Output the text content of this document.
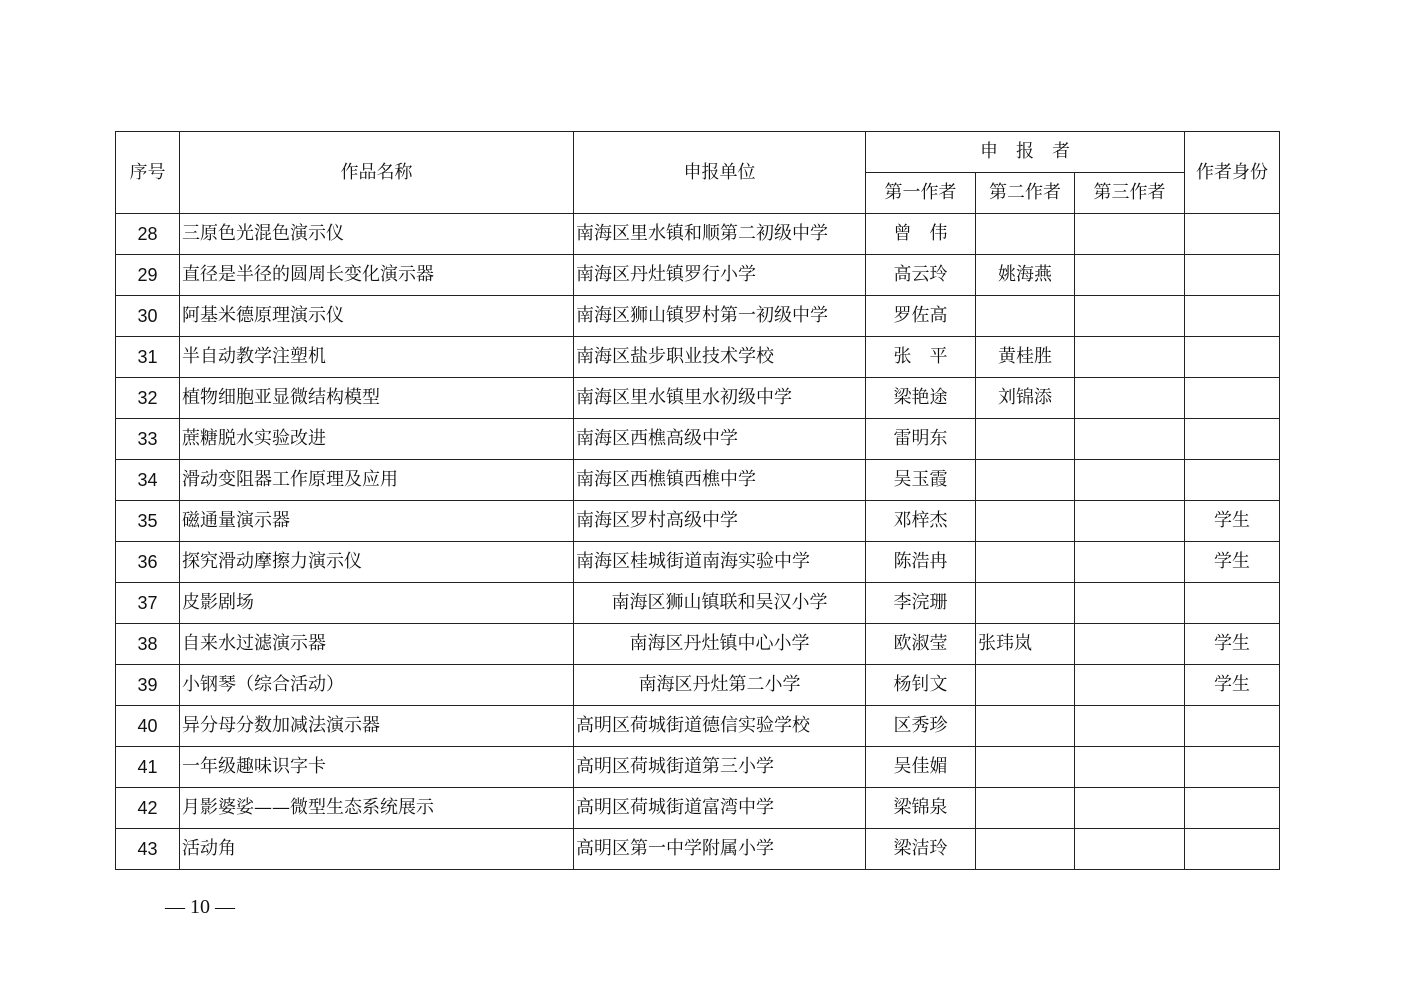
序号	作品名称	申报单位	申　报　者			作者身份
			第一作者	第二作者	第三作者	
28	三原色光混色演示仪	南海区里水镇和顺第二初级中学	曾　伟			
29	直径是半径的圆周长变化演示器	南海区丹灶镇罗行小学	高云玲	姚海燕		
30	阿基米德原理演示仪	南海区狮山镇罗村第一初级中学	罗佐高			
31	半自动教学注塑机	南海区盐步职业技术学校	张　平	黄桂胜		
32	植物细胞亚显微结构模型	南海区里水镇里水初级中学	梁艳途	刘锦添		
33	蔗糖脱水实验改进	南海区西樵高级中学	雷明东			
34	滑动变阻器工作原理及应用	南海区西樵镇西樵中学	吴玉霞			
35	磁通量演示器	南海区罗村高级中学	邓梓杰			学生
36	探究滑动摩擦力演示仪	南海区桂城街道南海实验中学	陈浩冉			学生
37	皮影剧场	南海区狮山镇联和吴汉小学	李浣珊			
38	自来水过滤演示器	南海区丹灶镇中心小学	欧淑莹	张玮岚		学生
39	小钢琴（综合活动）	南海区丹灶第二小学	杨钊文			学生
40	异分母分数加减法演示器	高明区荷城街道德信实验学校	区秀珍			
41	一年级趣味识字卡	高明区荷城街道第三小学	吴佳媚			
42	月影婆娑——微型生态系统展示	高明区荷城街道富湾中学	梁锦泉			
43	活动角	高明区第一中学附属小学	梁洁玲			
— 10 —
